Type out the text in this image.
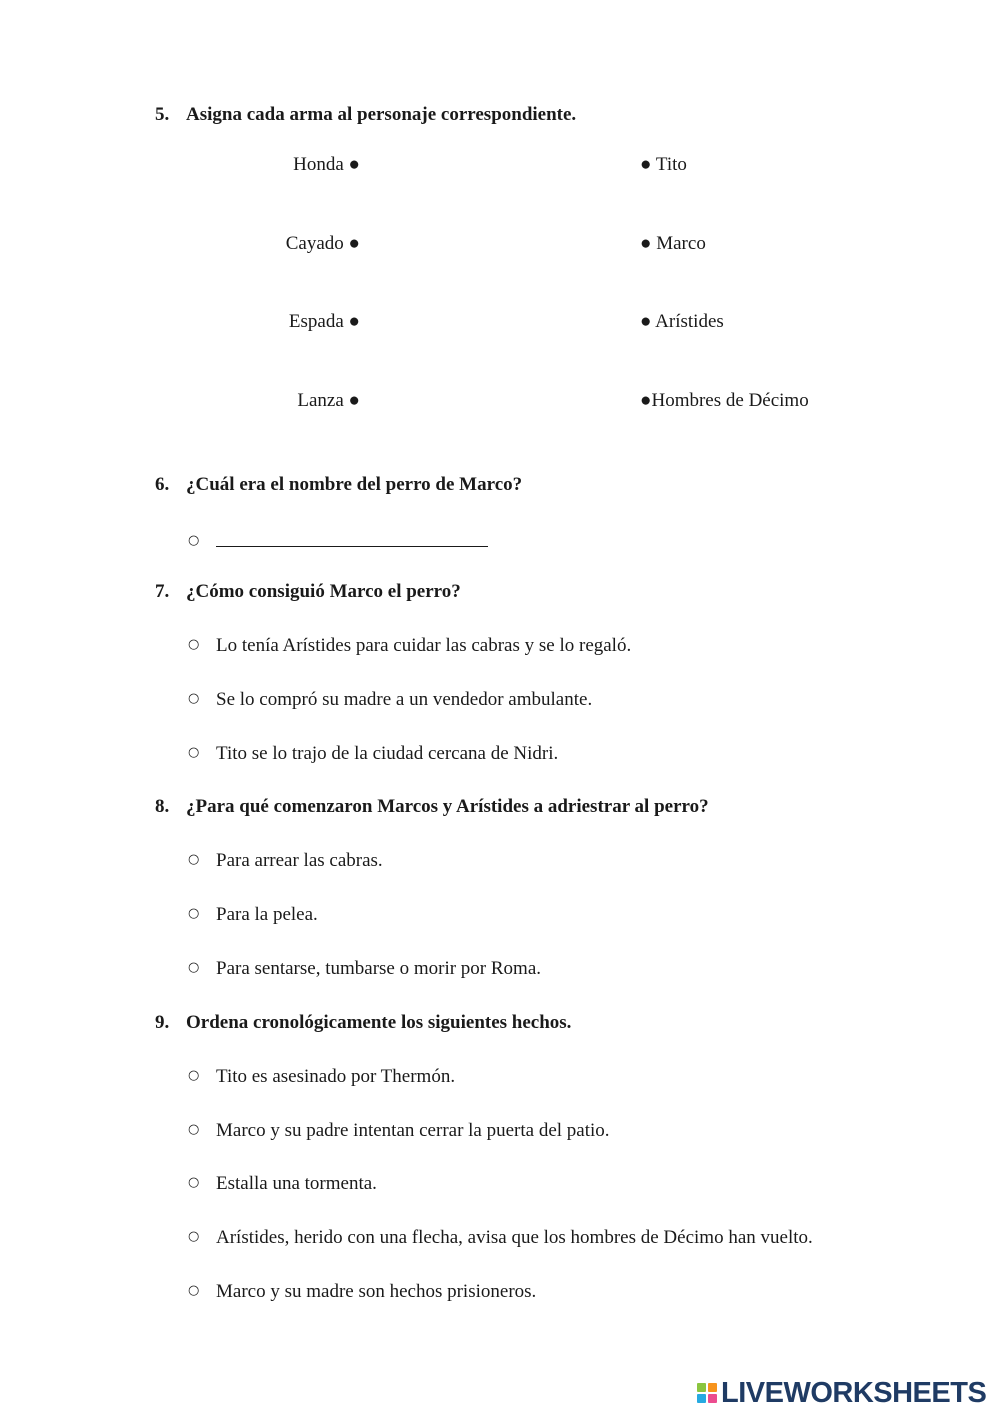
5. Asigna cada arma al personaje correspondiente.
Honda ●
Cayado ●
Espada ●
Lanza ●
● Tito
● Marco
● Arístides
●Hombres de Décimo
6. ¿Cuál era el nombre del perro de Marco?
○
7. ¿Cómo consiguió Marco el perro?
○ Lo tenía Arístides para cuidar las cabras y se lo regaló.
○ Se lo compró su madre a un vendedor ambulante.
○ Tito se lo trajo de la ciudad cercana de Nidri.
8. ¿Para qué comenzaron Marcos y Arístides a adriestrar al perro?
○ Para arrear las cabras.
○ Para la pelea.
○ Para sentarse, tumbarse o morir por Roma.
9. Ordena cronológicamente los siguientes hechos.
○ Tito es asesinado por Thermón.
○ Marco y su padre intentan cerrar la puerta del patio.
○ Estalla una tormenta.
○ Arístides, herido con una flecha, avisa que los hombres de Décimo han vuelto.
○ Marco y su madre son hechos prisioneros.
LIVEWORKSHEETS
